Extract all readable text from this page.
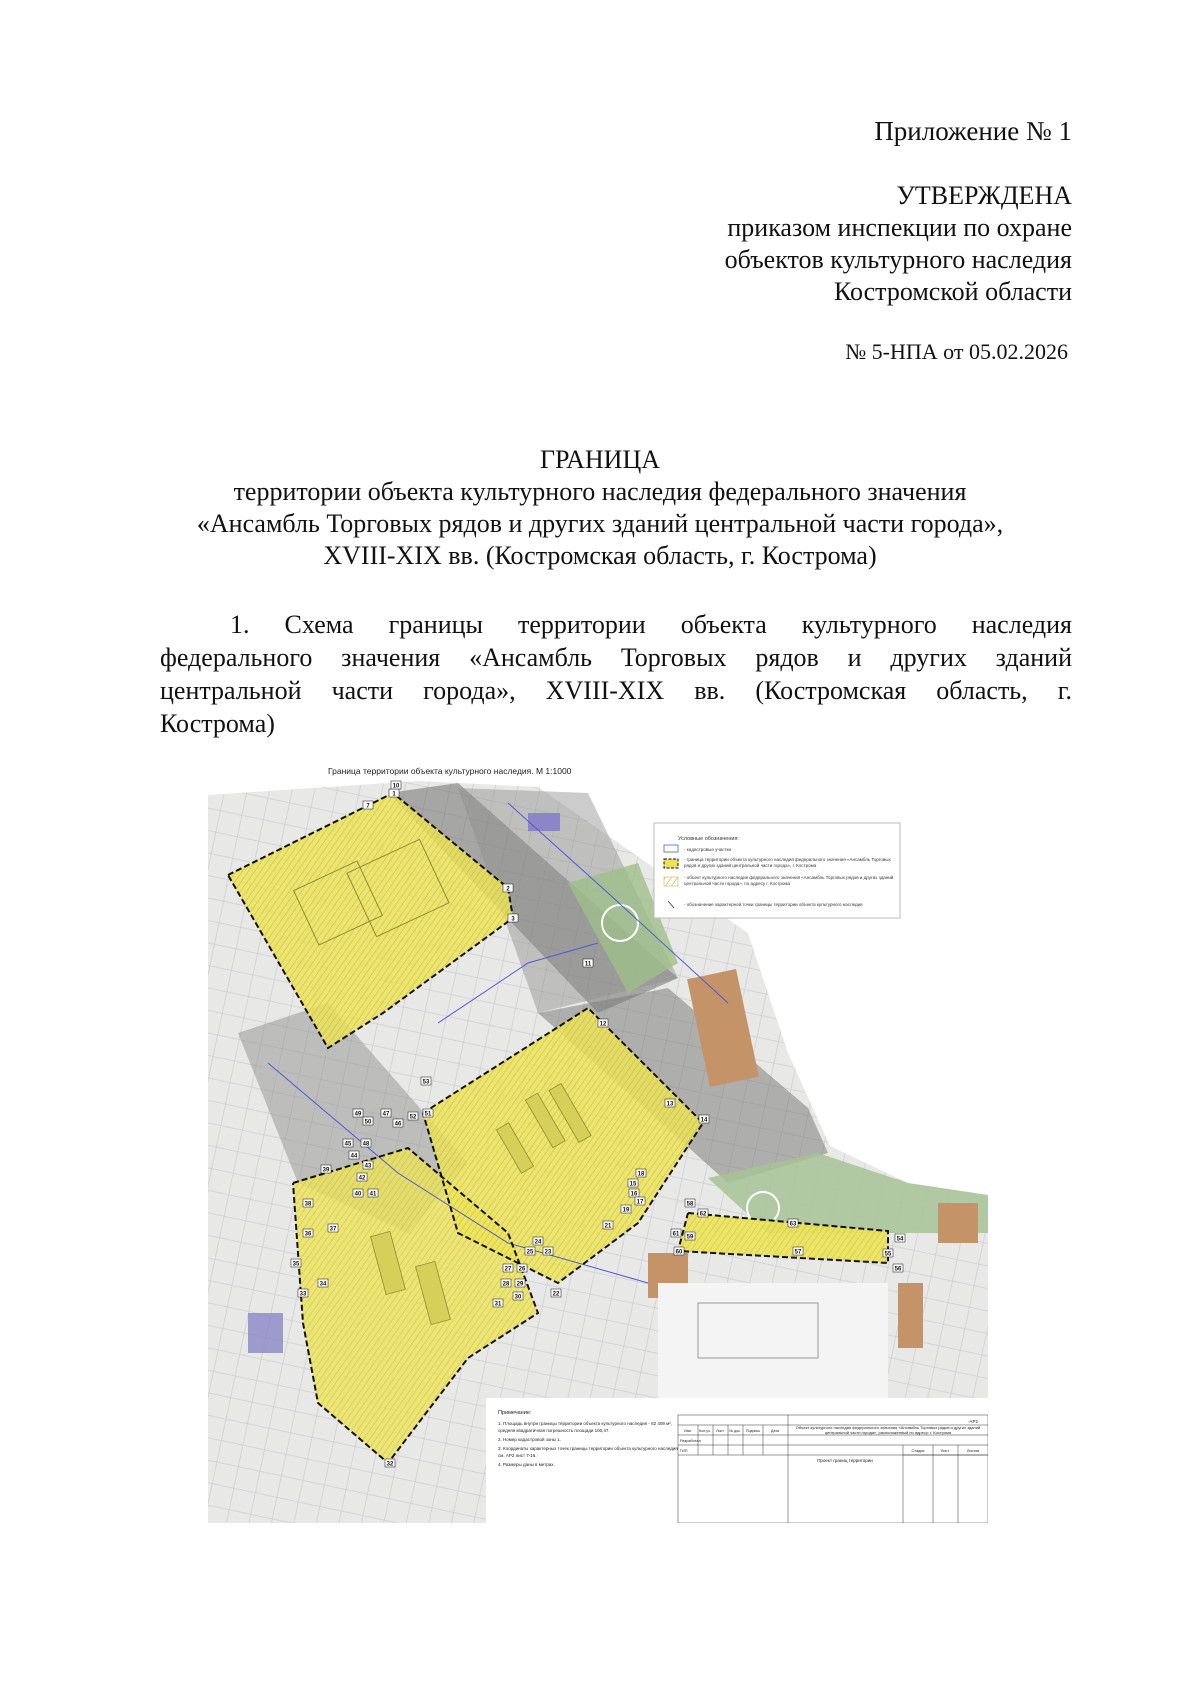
Приложение № 1
УТВЕРЖДЕНА
приказом инспекции по охране
объектов культурного наследия
Костромской области
№ 5-НПА от 05.02.2026
ГРАНИЦА
территории объекта культурного наследия федерального значения
«Ансамбль Торговых рядов и других зданий центральной части города»,
XVIII-XIX вв. (Костромская область, г. Кострома)
1. Схема границы территории объекта культурного наследия
федерального значения «Ансамбль Торговых рядов и других зданий
центральной части города», XVIII-XIX вв. (Костромская область, г.
Кострома)
Граница территории объекта культурного наследия. М 1:1000
1
2
3
7
10
11
12
13
14
15
16
17
18
19
21
22
23
24
25
26
27
28 29
30
31
32
33
34
35
36
37
38
39
40 41
42
43
44
45
46
47
48
49
50
51
52
53
54
55
56
57
58
59
60
61
62
63
Условные обозначения:
- кадастровые участки
- граница территории объекта культурного наследия федерального значения «Ансамбль Торговых рядов и других зданий центральной части города», г. Кострома
- объект культурного наследия федерального значения «Ансамбль Торговых рядов и других зданий центральной части города», по адресу г. Кострома
- обозначение характерной точки границы территории объекта культурного наследия
Примечание:
1. Площадь внутри границы территории объекта культурного наследия - 82 409 м²,
средняя квадратичная погрешность площади 100,47.
2. Номер кадастровой зоны 1.
3. Координаты характерных точек границы территории объекта культурного наследия
см. АР2 лист 7-16.
4. Размеры даны в метрах.
-АР2
Изм. Кол.уч. Лист № док. Подпись	Дата
Разработал
ГИП
Объект культурного наследия федерального значения «Ансамбль Торговых рядов и других зданий центральной части города», расположенный по адресу: г. Кострома
Проект границ территории
Стадия	Лист	Листов
